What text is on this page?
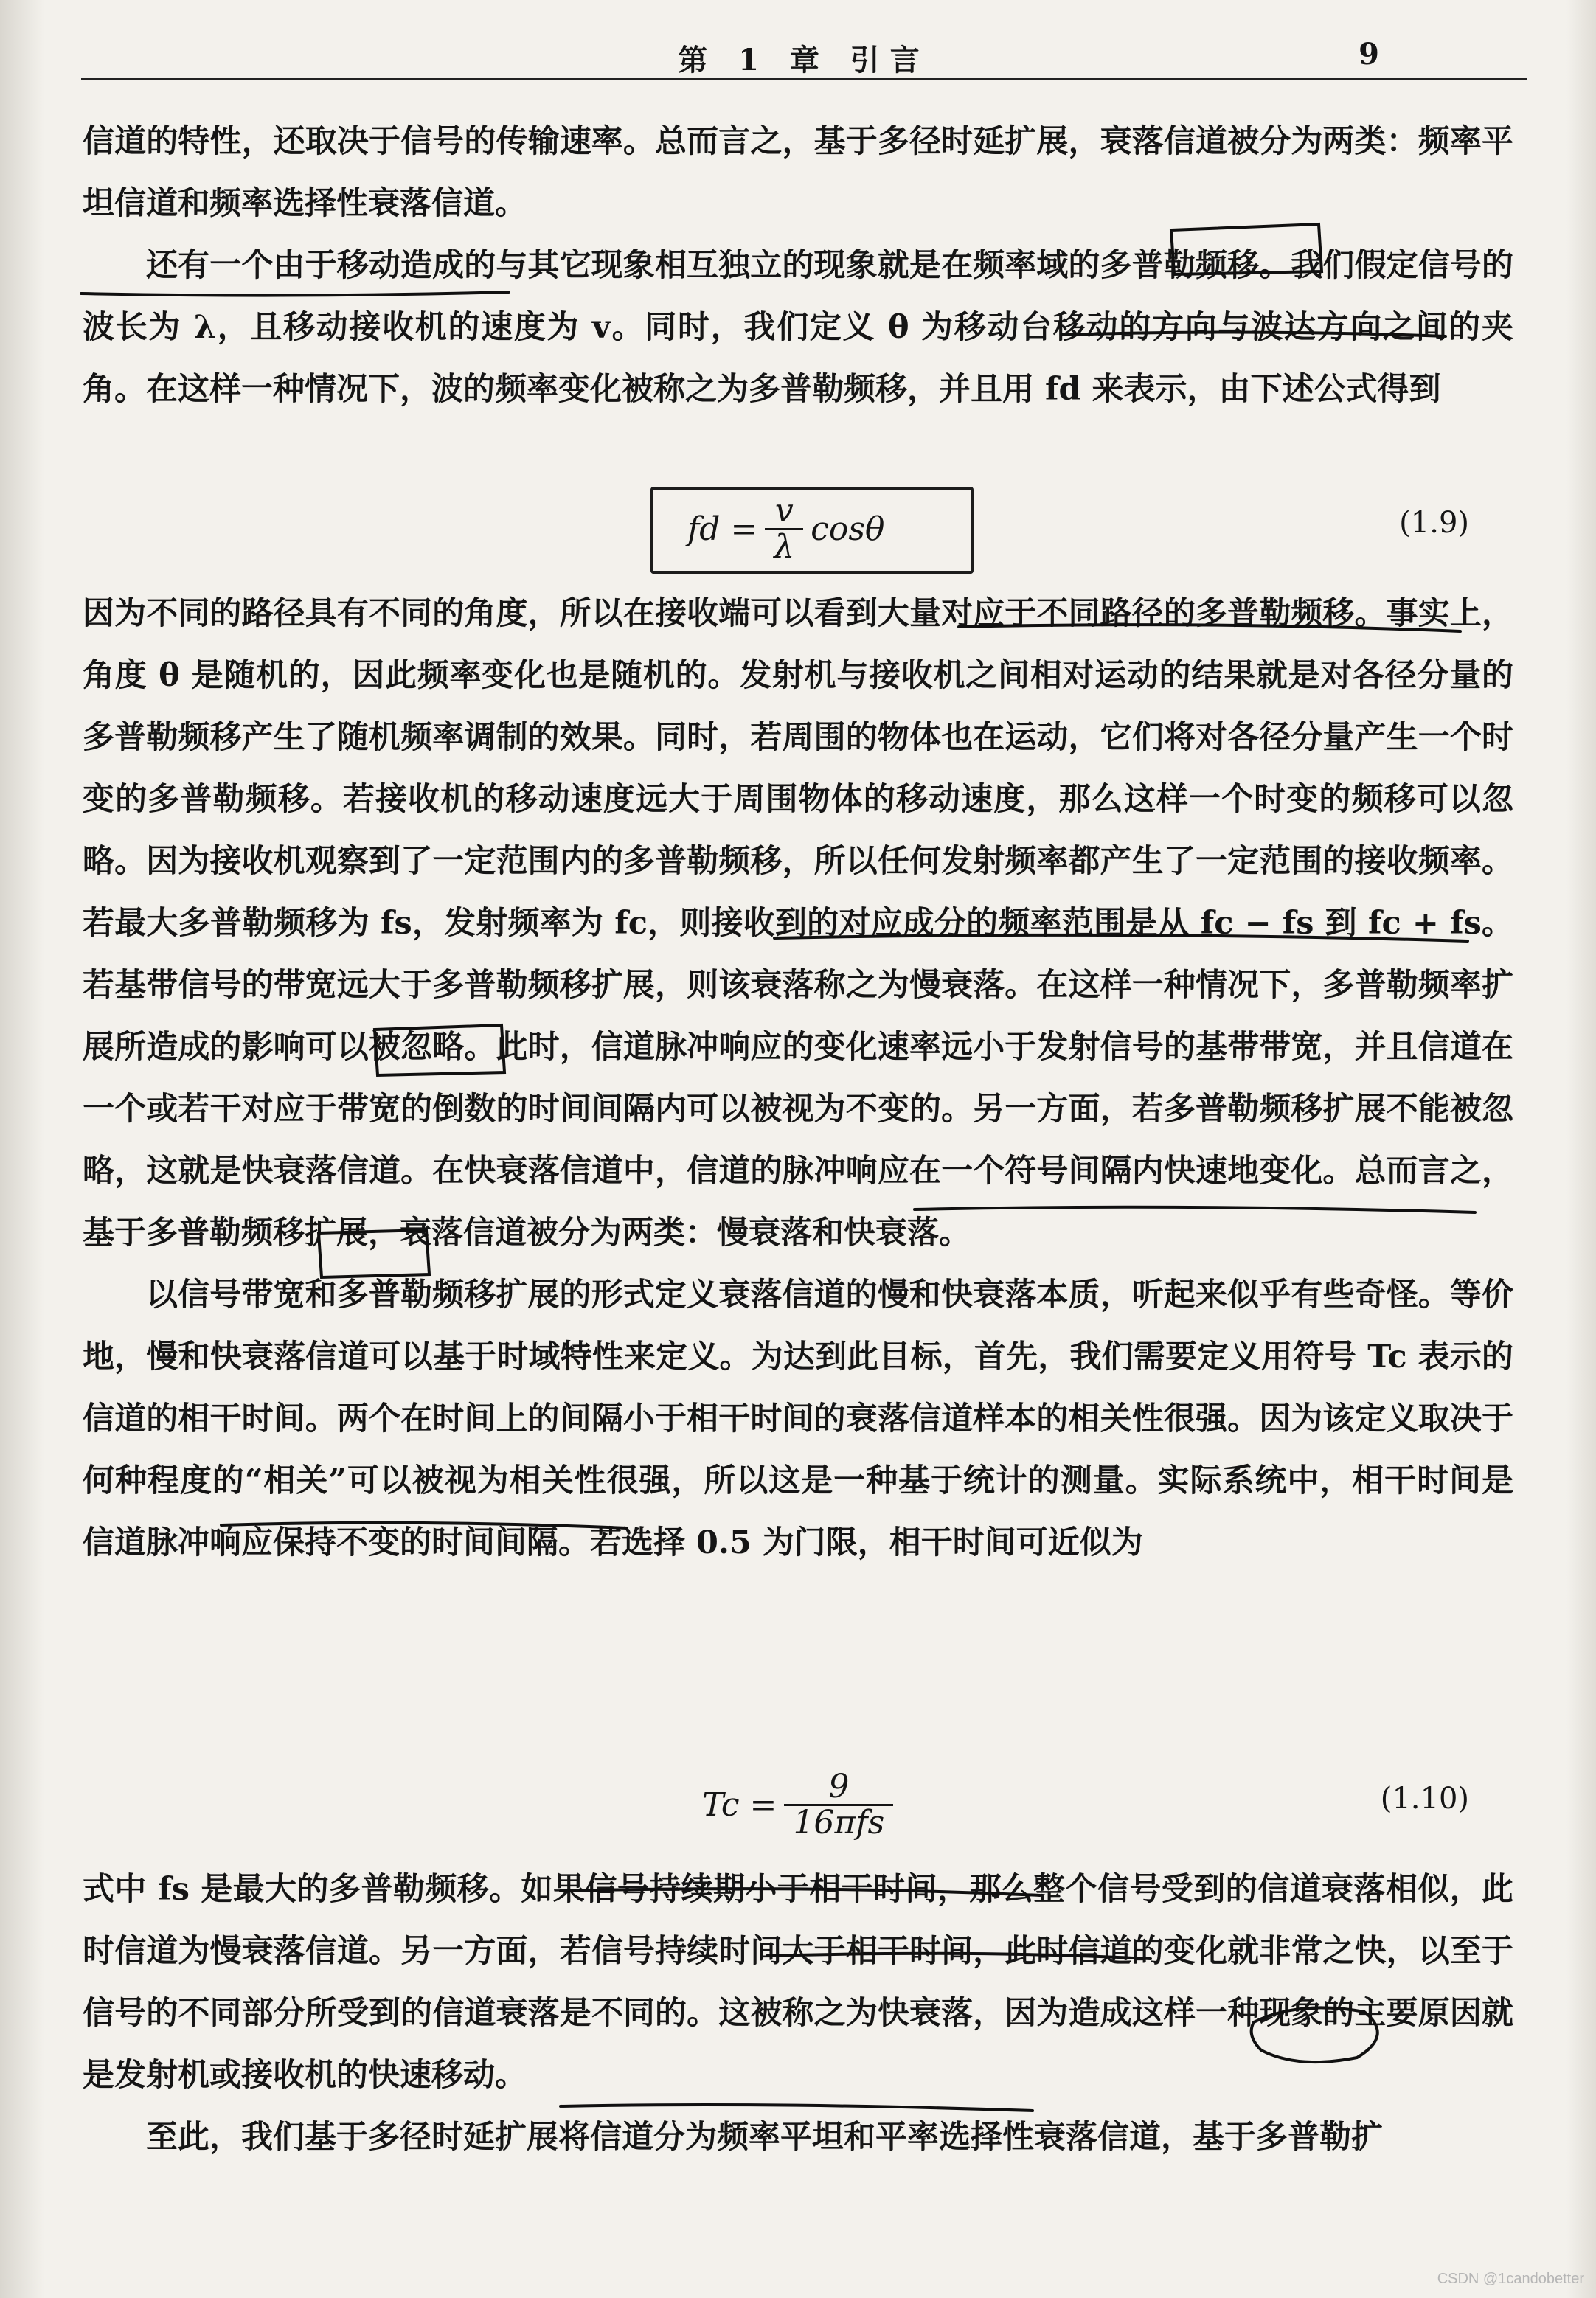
第 1 章 引言	9

信道的特性，还取决于信号的传输速率。总而言之，基于多径时延扩展，衰落信道被分为两类：频率平坦信道和频率选择性衰落信道。

还有一个由于移动造成的与其它现象相互独立的现象就是在频率域的多普勒频移。我们假定信号的波长为 λ，且移动接收机的速度为 v。同时，我们定义 θ 为移动台移动的方向与波达方向之间的夹角。在这样一种情况下，波的频率变化被称之为多普勒频移，并且用 fd 来表示，由下述公式得到

fd = $\frac{v}{\lambda}$ cosθ	(1.9)

因为不同的路径具有不同的角度，所以在接收端可以看到大量对应于不同路径的多普勒频移。事实上，角度 θ 是随机的，因此频率变化也是随机的。发射机与接收机之间相对运动的结果就是对各径分量的多普勒频移产生了随机频率调制的效果。同时，若周围的物体也在运动，它们将对各径分量产生一个时变的多普勒频移。若接收机的移动速度远大于周围物体的移动速度，那么这样一个时变的频移可以忽略。因为接收机观察到了一定范围内的多普勒频移，所以任何发射频率都产生了一定范围的接收频率。若最大多普勒频移为 fs，发射频率为 fc，则接收到的对应成分的频率范围是从 fc − fs 到 fc + fs。若基带信号的带宽远大于多普勒频移扩展，则该衰落称之为慢衰落。在这样一种情况下，多普勒频率扩展所造成的影响可以被忽略。此时，信道脉冲响应的变化速率远小于发射信号的基带带宽，并且信道在一个或若干对应于带宽的倒数的时间间隔内可以被视为不变的。另一方面，若多普勒频移扩展不能被忽略，这就是快衰落信道。在快衰落信道中，信道的脉冲响应在一个符号间隔内快速地变化。总而言之，基于多普勒频移扩展，衰落信道被分为两类：慢衰落和快衰落。

以信号带宽和多普勒频移扩展的形式定义衰落信道的慢和快衰落本质，听起来似乎有些奇怪。等价地，慢和快衰落信道可以基于时域特性来定义。为达到此目标，首先，我们需要定义用符号 Tc 表示的信道的相干时间。两个在时间上的间隔小于相干时间的衰落信道样本的相关性很强。因为该定义取决于何种程度的“相关”可以被视为相关性很强，所以这是一种基于统计的测量。实际系统中，相干时间是信道脉冲响应保持不变的时间间隔。若选择 0.5 为门限，相干时间可近似为

$Tc = \frac{9}{\text{16πfs}}$	(1.10)

式中 fs 是最大的多普勒频移。如果信号持续期小于相干时间，那么整个信号受到的信道衰落相似，此时信道为慢衰落信道。另一方面，若信号持续时间大于相干时间，此时信道的变化就非常之快，以至于信号的不同部分所受到的信道衰落是不同的。这被称之为快衰落，因为造成这样一种现象的主要原因就是发射机或接收机的快速移动。

至此，我们基于多径时延扩展将信道分为频率平坦和平率选择性衰落信道，基于多普勒扩

CSDN @1candobetter
